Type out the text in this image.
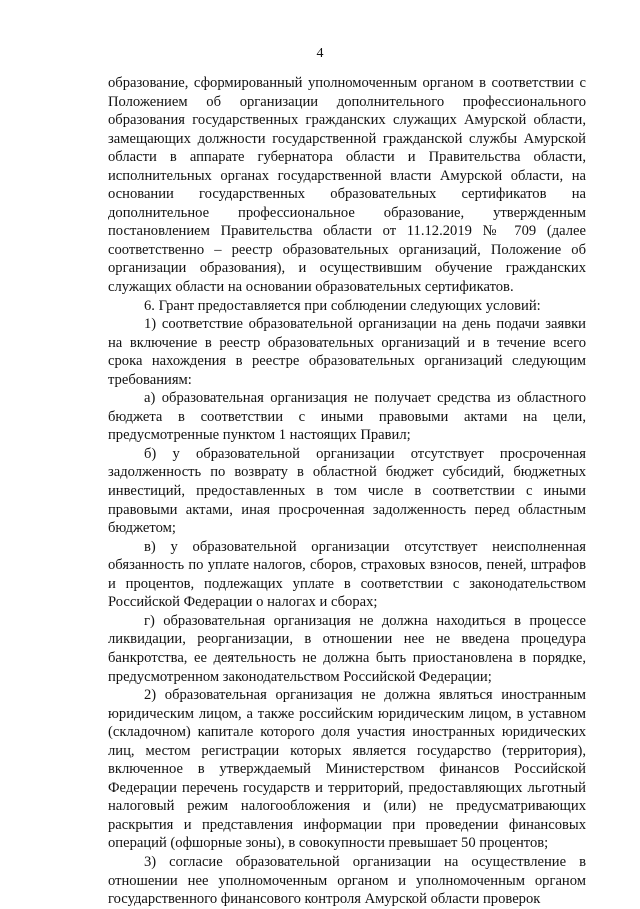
4

образование, сформированный уполномоченным органом в соответствии с Положением об организации дополнительного профессионального образования государственных гражданских служащих Амурской области, замещающих должности государственной гражданской службы Амурской области в аппарате губернатора области и Правительства области, исполнительных органах государственной власти Амурской области, на основании государственных образовательных сертификатов на дополнительное профессиональное образование, утвержденным постановлением Правительства области от 11.12.2019 № 709 (далее соответственно – реестр образовательных организаций, Положение об организации образования), и осуществившим обучение гражданских служащих области на основании образовательных сертификатов.

6. Грант предоставляется при соблюдении следующих условий:

1) соответствие образовательной организации на день подачи заявки на включение в реестр образовательных организаций и в течение всего срока нахождения в реестре образовательных организаций следующим требованиям:

а) образовательная организация не получает средства из областного бюджета в соответствии с иными правовыми актами на цели, предусмотренные пунктом 1 настоящих Правил;

б) у образовательной организации отсутствует просроченная задолженность по возврату в областной бюджет субсидий, бюджетных инвестиций, предоставленных в том числе в соответствии с иными правовыми актами, иная просроченная задолженность перед областным бюджетом;

в) у образовательной организации отсутствует неисполненная обязанность по уплате налогов, сборов, страховых взносов, пеней, штрафов и процентов, подлежащих уплате в соответствии с законодательством Российской Федерации о налогах и сборах;

г) образовательная организация не должна находиться в процессе ликвидации, реорганизации, в отношении нее не введена процедура банкротства, ее деятельность не должна быть приостановлена в порядке, предусмотренном законодательством Российской Федерации;

2) образовательная организация не должна являться иностранным юридическим лицом, а также российским юридическим лицом, в уставном (складочном) капитале которого доля участия иностранных юридических лиц, местом регистрации которых является государство (территория), включенное в утверждаемый Министерством финансов Российской Федерации перечень государств и территорий, предоставляющих льготный налоговый режим налогообложения и (или) не предусматривающих раскрытия и представления информации при проведении финансовых операций (офшорные зоны), в совокупности превышает 50 процентов;

3) согласие образовательной организации на осуществление в отношении нее уполномоченным органом и уполномоченным органом государственного финансового контроля Амурской области проверок
